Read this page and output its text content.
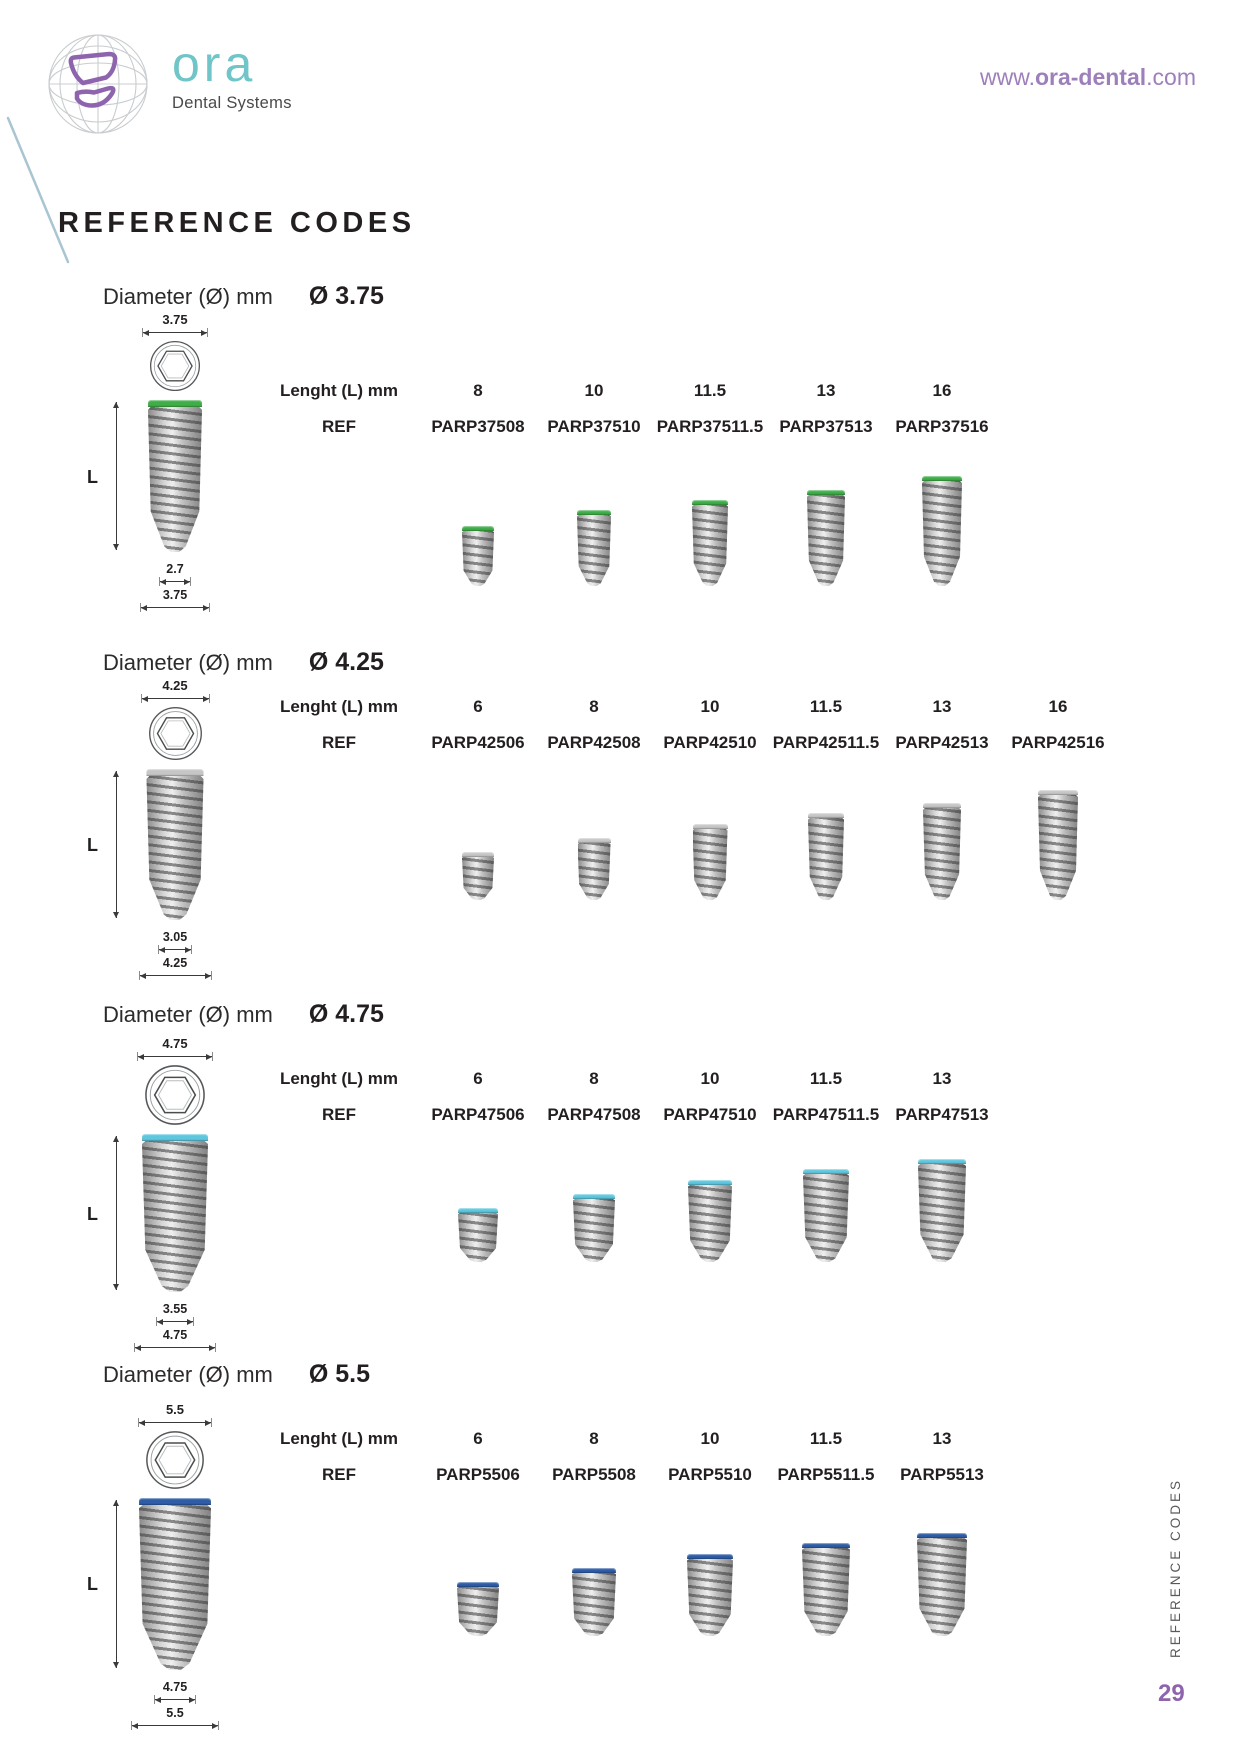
ora
Dental Systems
www.ora-dental.com
REFERENCE CODES
Diameter (Ø) mm Ø 3.75
3.75
L
2.7
3.75
Lenght (L) mm	8	10	11.5	13	16
REF	PARP37508	PARP37510 PARP37511.5 PARP37513	PARP37516
Diameter (Ø) mm Ø 4.25
4.25
L
3.05
4.25
Lenght (L) mm	6	8	10	11.5	13	16
REF	PARP42506	PARP42508	PARP42510 PARP42511.5 PARP42513	PARP42516
Diameter (Ø) mm Ø 4.75
4.75
L
3.55
4.75
Lenght (L) mm	6	8	10	11.5	13
REF	PARP47506	PARP47508	PARP47510 PARP47511.5 PARP47513
Diameter (Ø) mm Ø 5.5
5.5
L
4.75
5.5
Lenght (L) mm	6	8	10	11.5	13
REF	PARP5506	PARP5508	PARP5510	PARP5511.5	PARP5513
REFERENCE CODES
29
